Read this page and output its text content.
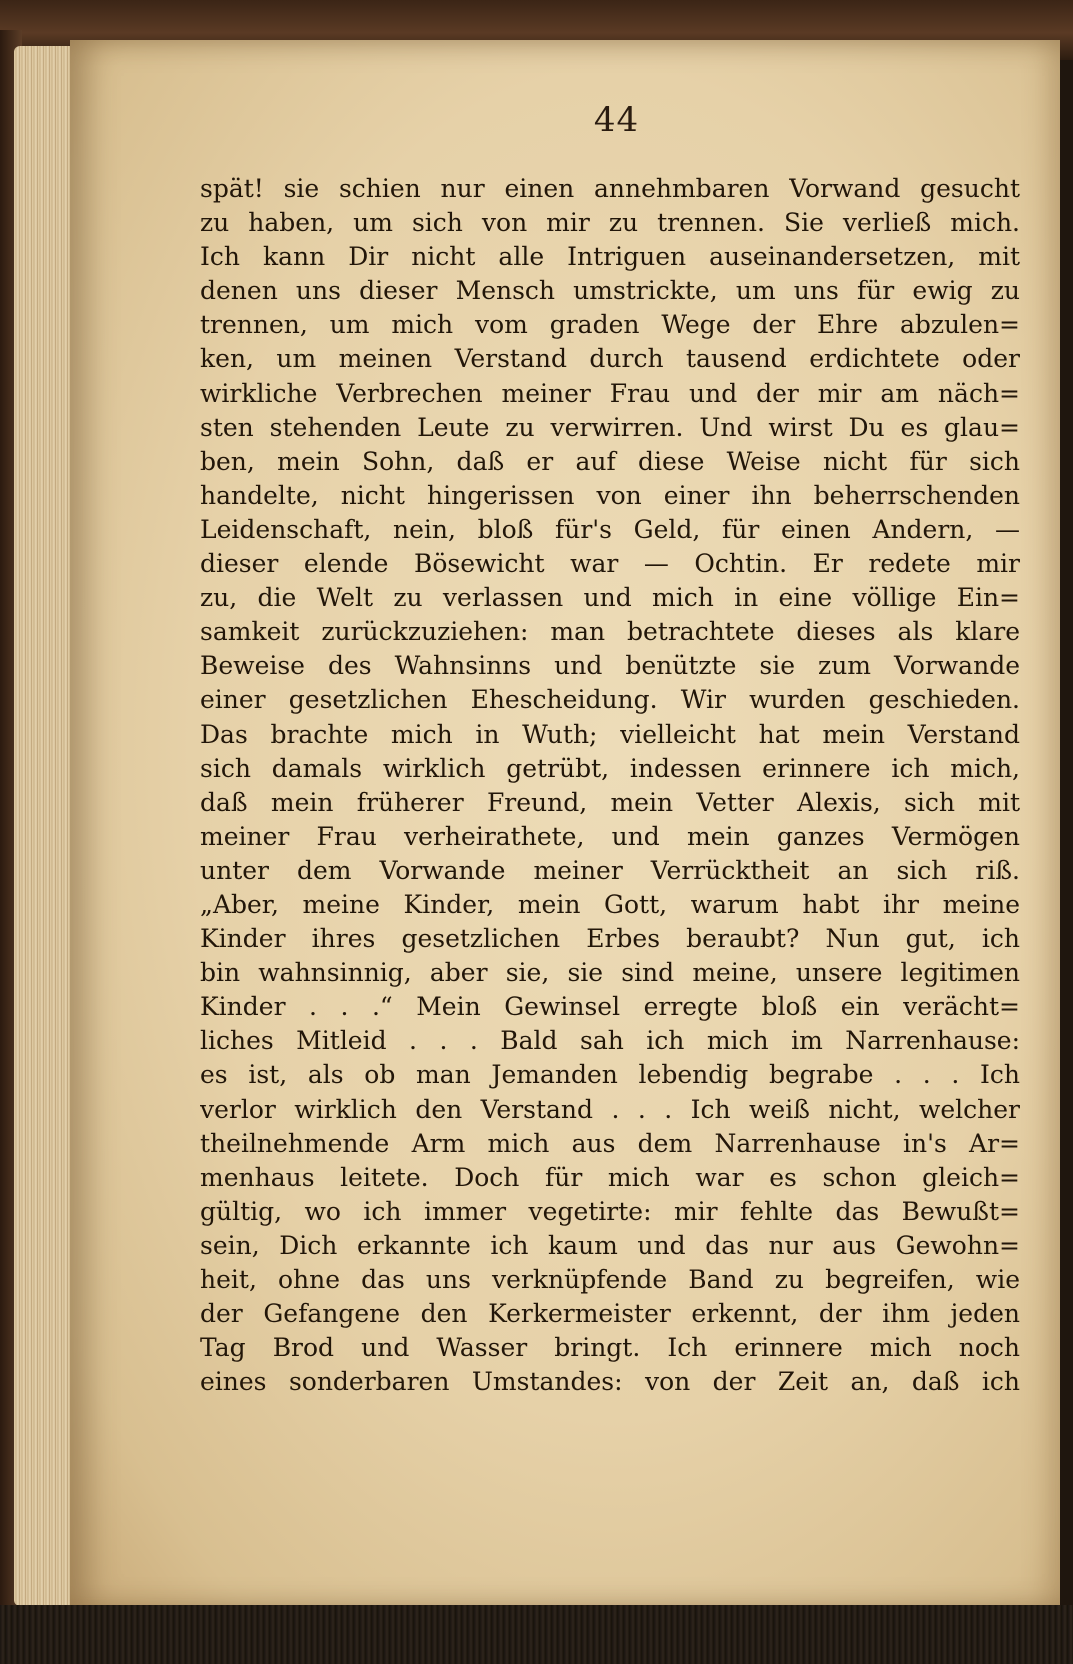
44
spät! sie schien nur einen annehmbaren Vorwand gesucht
zu haben, um sich von mir zu trennen. Sie verließ mich.
Ich kann Dir nicht alle Intriguen auseinandersetzen, mit
denen uns dieser Mensch umstrickte, um uns für ewig zu
trennen, um mich vom graden Wege der Ehre abzulen=
ken, um meinen Verstand durch tausend erdichtete oder
wirkliche Verbrechen meiner Frau und der mir am näch=
sten stehenden Leute zu verwirren. Und wirst Du es glau=
ben, mein Sohn, daß er auf diese Weise nicht für sich
handelte, nicht hingerissen von einer ihn beherrschenden
Leidenschaft, nein, bloß für's Geld, für einen Andern, —
dieser elende Bösewicht war — Ochtin. Er redete mir
zu, die Welt zu verlassen und mich in eine völlige Ein=
samkeit zurückzuziehen: man betrachtete dieses als klare
Beweise des Wahnsinns und benützte sie zum Vorwande
einer gesetzlichen Ehescheidung. Wir wurden geschieden.
Das brachte mich in Wuth; vielleicht hat mein Verstand
sich damals wirklich getrübt, indessen erinnere ich mich,
daß mein früherer Freund, mein Vetter Alexis, sich mit
meiner Frau verheirathete, und mein ganzes Vermögen
unter dem Vorwande meiner Verrücktheit an sich riß.
„Aber, meine Kinder, mein Gott, warum habt ihr meine
Kinder ihres gesetzlichen Erbes beraubt? Nun gut, ich
bin wahnsinnig, aber sie, sie sind meine, unsere legitimen
Kinder . . .“ Mein Gewinsel erregte bloß ein verächt=
liches Mitleid . . . Bald sah ich mich im Narrenhause:
es ist, als ob man Jemanden lebendig begrabe . . . Ich
verlor wirklich den Verstand . . . Ich weiß nicht, welcher
theilnehmende Arm mich aus dem Narrenhause in's Ar=
menhaus leitete. Doch für mich war es schon gleich=
gültig, wo ich immer vegetirte: mir fehlte das Bewußt=
sein, Dich erkannte ich kaum und das nur aus Gewohn=
heit, ohne das uns verknüpfende Band zu begreifen, wie
der Gefangene den Kerkermeister erkennt, der ihm jeden
Tag Brod und Wasser bringt. Ich erinnere mich noch
eines sonderbaren Umstandes: von der Zeit an, daß ich
